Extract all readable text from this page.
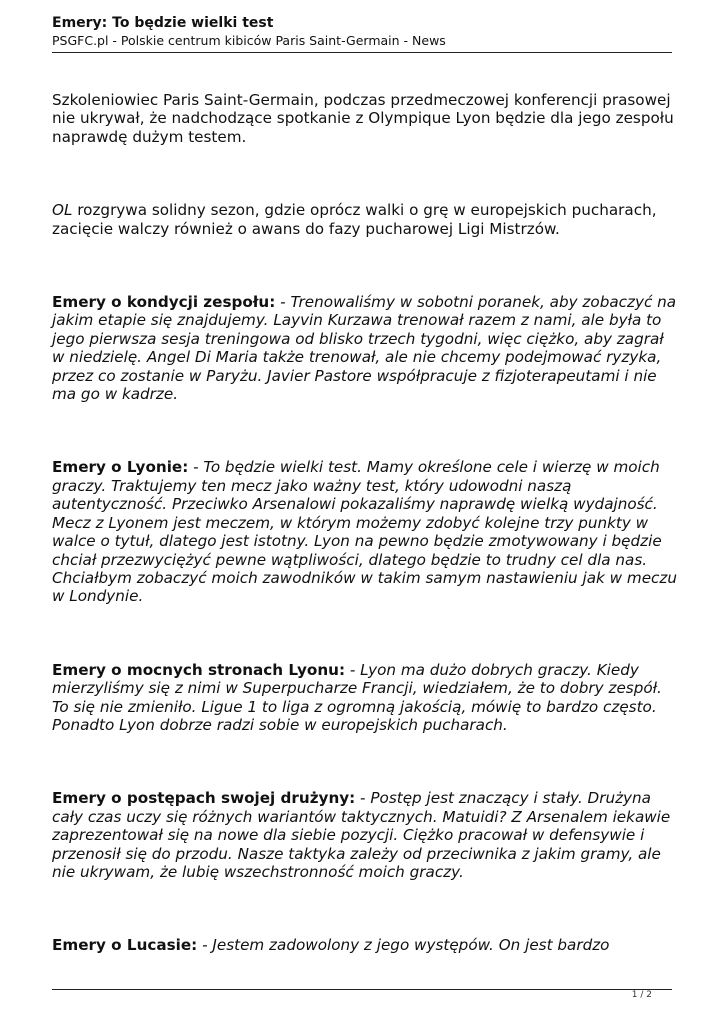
Emery: To będzie wielki test
PSGFC.pl - Polskie centrum kibiców Paris Saint-Germain - News

Szkoleniowiec Paris Saint-Germain, podczas przedmeczowej konferencji prasowej nie ukrywał, że nadchodzące spotkanie z Olympique Lyon będzie dla jego zespołu naprawdę dużym testem.

OL rozgrywa solidny sezon, gdzie oprócz walki o grę w europejskich pucharach, zacięcie walczy również o awans do fazy pucharowej Ligi Mistrzów.

Emery o kondycji zespołu: - Trenowaliśmy w sobotni poranek, aby zobaczyć na jakim etapie się znajdujemy. Layvin Kurzawa trenował razem z nami, ale była to jego pierwsza sesja treningowa od blisko trzech tygodni, więc ciężko, aby zagrał w niedzielę. Angel Di Maria także trenował, ale nie chcemy podejmować ryzyka, przez co zostanie w Paryżu. Javier Pastore współpracuje z fizjoterapeutami i nie ma go w kadrze.

Emery o Lyonie: - To będzie wielki test. Mamy określone cele i wierzę w moich graczy. Traktujemy ten mecz jako ważny test, który udowodni naszą autentyczność. Przeciwko Arsenalowi pokazaliśmy naprawdę wielką wydajność. Mecz z Lyonem jest meczem, w którym możemy zdobyć kolejne trzy punkty w walce o tytuł, dlatego jest istotny. Lyon na pewno będzie zmotywowany i będzie chciał przezwyciężyć pewne wątpliwości, dlatego będzie to trudny cel dla nas. Chciałbym zobaczyć moich zawodników w takim samym nastawieniu jak w meczu w Londynie.

Emery o mocnych stronach Lyonu: - Lyon ma dużo dobrych graczy. Kiedy mierzyliśmy się z nimi w Superpucharze Francji, wiedziałem, że to dobry zespół. To się nie zmieniło. Ligue 1 to liga z ogromną jakością, mówię to bardzo często. Ponadto Lyon dobrze radzi sobie w europejskich pucharach.

Emery o postępach swojej drużyny: - Postęp jest znaczący i stały. Drużyna cały czas uczy się różnych wariantów taktycznych. Matuidi? Z Arsenalem iekawie zaprezentował się na nowe dla siebie pozycji. Ciężko pracował w defensywie i przenosił się do przodu. Nasze taktyka zależy od przeciwnika z jakim gramy, ale nie ukrywam, że lubię wszechstronność moich graczy.

Emery o Lucasie: - Jestem zadowolony z jego występów. On jest bardzo

1 / 2
